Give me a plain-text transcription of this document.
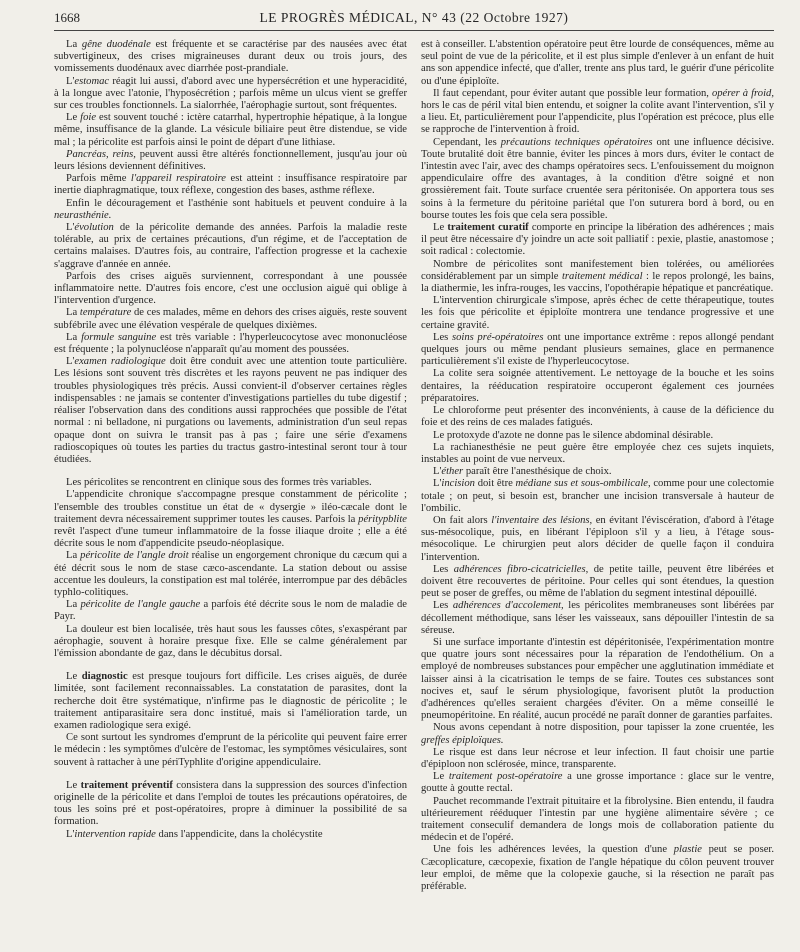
1668	LE PROGRÈS MÉDICAL, N° 43 (22 Octobre 1927)

La gêne duodénale est fréquente et se caractérise par des nausées avec état subvertigineux, des crises migraineuses durant deux ou trois jours, des vomissements duodénaux avec diarrhée post-prandiale.

L'estomac réagit lui aussi, d'abord avec une hypersécrétion et une hyperacidité, à la longue avec l'atonie, l'hyposécrétion ; parfois même un ulcus vient se greffer sur ces troubles fonctionnels. La sialorrhée, l'aérophagie surtout, sont fréquentes.

Le foie est souvent touché : ictère catarrhal, hypertrophie hépatique, à la longue même, insuffisance de la glande. La vésicule biliaire peut être distendue, se vide mal ; la péricolite est parfois ainsi le point de départ d'une lithiase.

Pancréas, reins, peuvent aussi être altérés fonctionnellement, jusqu'au jour où leurs lésions deviennent définitives.

Parfois même l'appareil respiratoire est atteint : insuffisance respiratoire par inertie diaphragmatique, toux réflexe, congestion des bases, asthme réflexe.

Enfin le découragement et l'asthénie sont habituels et peuvent conduire à la neurasthénie.

L'évolution de la péricolite demande des années. Parfois la maladie reste tolérable, au prix de certaines précautions, d'un régime, et de l'acceptation de certains malaises. D'autres fois, au contraire, l'affection progresse et la cachexie s'aggrave d'année en année.

Parfois des crises aiguës surviennent, correspondant à une poussée inflammatoire nette. D'autres fois encore, c'est une occlusion aiguë qui oblige à l'intervention d'urgence.

La température de ces malades, même en dehors des crises aiguës, reste souvent subfébrile avec une élévation vespérale de quelques dixièmes.

La formule sanguine est très variable : l'hyperleucocytose avec mononucléose est fréquente ; la polynucléose n'apparaît qu'au moment des poussées.

L'examen radiologique doit être conduit avec une attention toute particulière. Les lésions sont souvent très discrètes et les rayons peuvent ne pas indiquer des troubles physiologiques très précis. Aussi convient-il d'observer certaines règles indispensables : ne jamais se contenter d'investigations partielles du tube digestif ; réaliser l'observation dans des conditions aussi rapprochées que possible de l'état normal : ni belladone, ni purgations ou lavements, administration d'un seul repas opaque dont on suivra le transit pas à pas ; faire une série d'examens radioscopiques où toutes les parties du tractus gastro-intestinal seront tour à tour étudiées.

Les péricolites se rencontrent en clinique sous des formes très variables.

L'appendicite chronique s'accompagne presque constamment de péricolite ; l'ensemble des troubles constitue un état de « dysergie » iléo-cæcale dont le traitement devra nécessairement supprimer toutes les causes. Parfois la péritypblite revêt l'aspect d'une tumeur inflammatoire de la fosse iliaque droite ; elle a été décrite sous le nom d'appendicite pseudo-néoplasique.

La péricolite de l'angle droit réalise un engorgement chronique du cæcum qui a été décrit sous le nom de stase cæco-ascendante. La station debout ou assise accentue les douleurs, la constipation est mal tolérée, interrompue par des débâcles typhlo-colitiques.

La péricolite de l'angle gauche a parfois été décrite sous le nom de maladie de Payr.

La douleur est bien localisée, très haut sous les fausses côtes, s'exaspérant par aérophagie, souvent à horaire presque fixe. Elle se calme généralement par l'émission abondante de gaz, dans le décubitus dorsal.

Le diagnostic est presque toujours fort difficile. Les crises aiguës, de durée limitée, sont facilement reconnaissables. La constatation de parasites, dont la recherche doit être systématique, n'infirme pas le diagnostic de péricolite ; le traitement antiparasitaire sera donc institué, mais si l'amélioration tarde, un examen radiologique sera exigé.

Ce sont surtout les syndromes d'emprunt de la péricolite qui peuvent faire errer le médecin : les symptômes d'ulcère de l'estomac, les symptômes vésiculaires, sont souvent à rattacher à une périTyphlite d'origine appendiculaire.

Le traitement préventif consistera dans la suppression des sources d'infection originelle de la péricolite et dans l'emploi de toutes les précautions opératoires, de tous les soins pré et post-opératoires, propre à diminuer la possibilité de sa formation.

L'intervention rapide dans l'appendicite, dans la cholécystite

est à conseiller. L'abstention opératoire peut être lourde de conséquences, même au seul point de vue de la péricolite, et il est plus simple d'enlever à un enfant de huit ans son appendice infecté, que d'aller, trente ans plus tard, le guérir d'une péricolite ou d'une épiploïte.

Il faut cependant, pour éviter autant que possible leur formation, opérer à froid, hors le cas de péril vital bien entendu, et soigner la colite avant l'intervention, s'il y a lieu. Et, particulièrement pour l'appendicite, plus l'opération est précoce, plus elle se rapproche de l'intervention à froid.

Cependant, les précautions techniques opératoires ont une influence décisive. Toute brutalité doit être bannie, éviter les pinces à mors durs, éviter le contact de l'intestin avec l'air, avec des champs opératoires secs. L'enfouissement du moignon appendiculaire offre des avantages, à la condition d'être soigné et non grossièrement fait. Toute surface cruentée sera péritonisée. On apportera tous ses soins à la fermeture du péritoine pariétal que l'on suturera bord à bord, ou en bourse toutes les fois que cela sera possible.

Le traitement curatif comporte en principe la libération des adhérences ; mais il peut être nécessaire d'y joindre un acte soit palliatif : pexie, plastie, anastomose ; soit radical : colectomie.

Nombre de péricolites sont manifestement bien tolérées, ou améliorées considérablement par un simple traitement médical : le repos prolongé, les bains, la diathermie, les infra-rouges, les vaccins, l'opothérapie hépatique et pancréatique.

L'intervention chirurgicale s'impose, après échec de cette thérapeutique, toutes les fois que péricolite et épiploïte montrera une tendance progressive et une certaine gravité.

Les soins pré-opératoires ont une importance extrême : repos allongé pendant quelques jours ou même pendant plusieurs semaines, glace en permanence particulièrement s'il existe de l'hyperleucocytose.

La colite sera soignée attentivement. Le nettoyage de la bouche et les soins dentaires, la rééducation respiratoire occuperont également ces journées préparatoires.

Le chloroforme peut présenter des inconvénients, à cause de la déficience du foie et des reins de ces malades fatigués.

Le protoxyde d'azote ne donne pas le silence abdominal désirable.

La rachianesthésie ne peut guère être employée chez ces sujets inquiets, instables au point de vue nerveux.

L'éther paraît être l'anesthésique de choix.

L'incision doit être médiane sus et sous-ombilicale, comme pour une colectomie totale ; on peut, si besoin est, brancher une incision transversale à hauteur de l'ombilic.

On fait alors l'inventaire des lésions, en évitant l'éviscération, d'abord à l'étage sus-mésocolique, puis, en libérant l'épiploon s'il y a lieu, à l'étage sous-mésocolique. Le chirurgien peut alors décider de quelle façon il conduira l'intervention.

Les adhérences fibro-cicatricielles, de petite taille, peuvent être libérées et doivent être recouvertes de péritoine. Pour celles qui sont étendues, la question peut se poser de greffes, ou même de l'ablation du segment intestinal dépouillé.

Les adhérences d'accolement, les péricolites membraneuses sont libérées par décollement méthodique, sans léser les vaisseaux, sans dépouiller l'intestin de sa séreuse.

Si une surface importante d'intestin est dépéritonisée, l'expérimentation montre que quatre jours sont nécessaires pour la réparation de l'endothélium. On a employé de nombreuses substances pour empêcher une agglutination immédiate et laisser ainsi à la cicatrisation le temps de se faire. Toutes ces substances sont nocives et, sauf le sérum physiologique, favorisent plutôt la production d'adhérences qu'elles seraient chargées d'éviter. On a même conseillé le pneumopéritoine. En réalité, aucun procédé ne paraît donner de garanties parfaites.

Nous avons cependant à notre disposition, pour tapisser la zone cruentée, les greffes épiploïques.

Le risque est dans leur nécrose et leur infection. Il faut choisir une partie d'épiploon non sclérosée, mince, transparente.

Le traitement post-opératoire a une grosse importance : glace sur le ventre, goutte à goutte rectal.

Pauchet recommande l'extrait pituitaire et la fibrolysine. Bien entendu, il faudra ultérieurement rééduquer l'intestin par une hygiène alimentaire sévère ; ce traitement conseculif demandera de longs mois de collaboration patiente du médecin et de l'opéré.

Une fois les adhérences levées, la question d'une plastie peut se poser. Cæcoplicature, cæcopexie, fixation de l'angle hépatique du côlon peuvent trouver leur emploi, de même que la colopexie gauche, si la résection ne paraît pas préférable.
